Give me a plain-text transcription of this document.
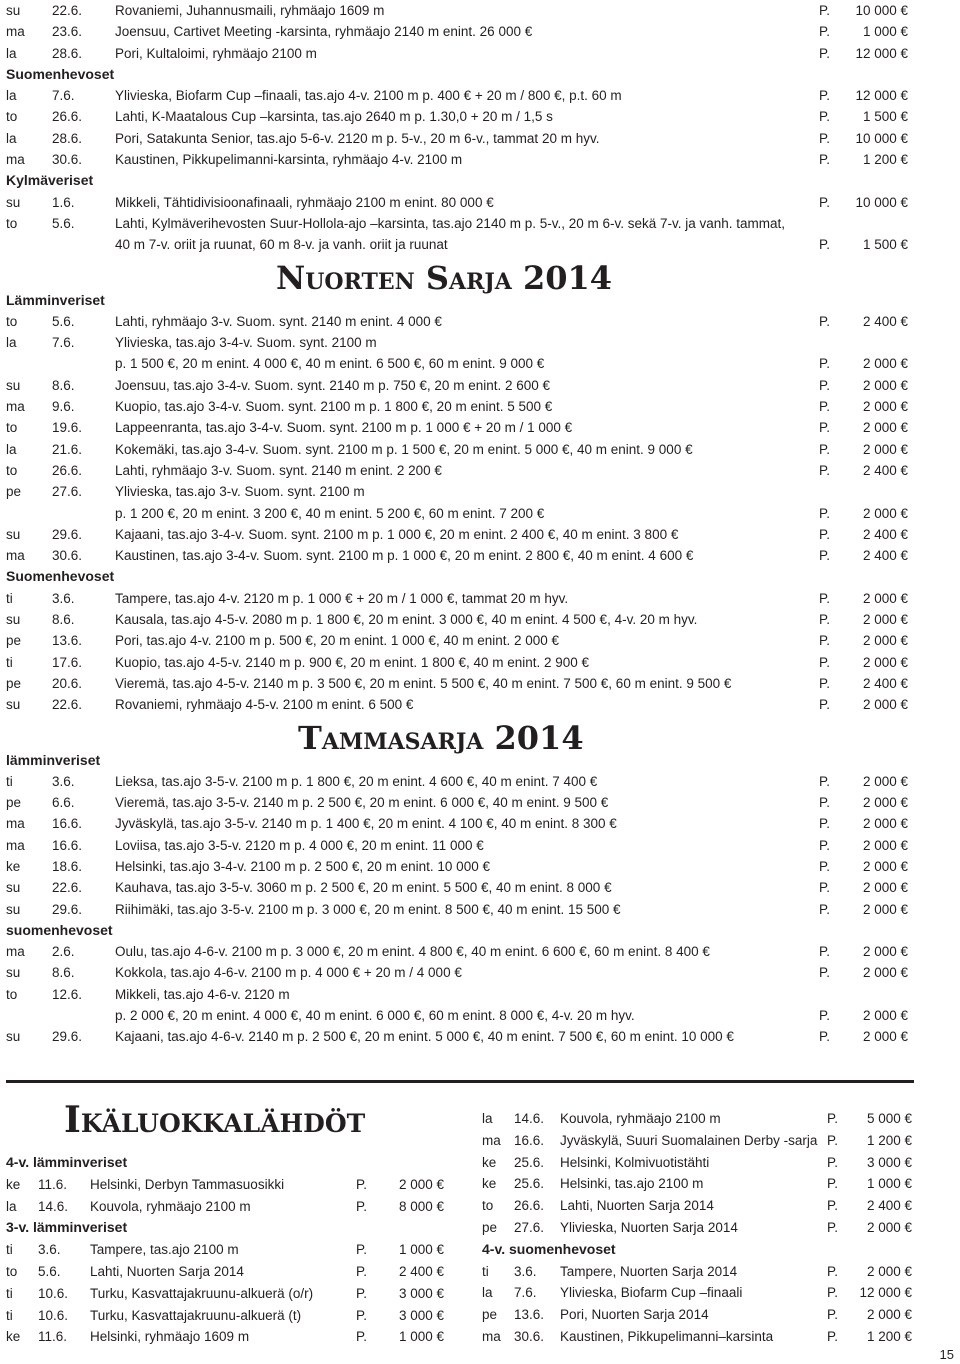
su 22.6. Rovaniemi, Juhannusmaili, ryhmäajo 1609 m	P. 10 000 €
ma 23.6. Joensuu, Cartivet Meeting -karsinta, ryhmäajo 2140 m enint. 26 000 €	P. 1 000 €
la	28.6. Pori, Kultaloimi, ryhmäajo 2100 m	P. 12 000 €
Suomenhevoset
la	7.6.	Ylivieska, Biofarm Cup –finaali, tas.ajo 4-v. 2100 m p. 400 € + 20 m / 800 €, p.t. 60 m	P. 12 000 €
to	26.6. Lahti, K-Maatalous Cup –karsinta, tas.ajo 2640 m p. 1.30,0 + 20 m / 1,5 s	P. 1 500 €
la	28.6. Pori, Satakunta Senior, tas.ajo 5-6-v. 2120 m p. 5-v., 20 m 6-v., tammat 20 m hyv.	P. 10 000 €
ma 30.6. Kaustinen, Pikkupelimanni-karsinta, ryhmäajo 4-v. 2100 m	P. 1 200 €
Kylmäveriset
su 1.6.	Mikkeli, Tähtidivisioonafinaali, ryhmäajo 2100 m enint. 80 000 €	P. 10 000 €
to	5.6.	Lahti, Kylmäverihevosten Suur-Hollola-ajo –karsinta, tas.ajo 2140 m p. 5-v., 20 m 6-v. sekä 7-v. ja vanh. tammat,
40 m 7-v. oriit ja ruunat, 60 m 8-v. ja vanh. oriit ja ruunat	P. 1 500 €
Nuorten Sarja 2014
Lämminveriset
to	5.6.	Lahti, ryhmäajo 3-v. Suom. synt. 2140 m enint. 4 000 €	P. 2 400 €
la	7.6.	Ylivieska, tas.ajo 3-4-v. Suom. synt. 2100 m
p. 1 500 €, 20 m enint. 4 000 €, 40 m enint. 6 500 €, 60 m enint. 9 000 €	P. 2 000 €
su 8.6.	Joensuu, tas.ajo 3-4-v. Suom. synt. 2140 m p. 750 €, 20 m enint. 2 600 €	P. 2 000 €
ma 9.6.	Kuopio, tas.ajo 3-4-v. Suom. synt. 2100 m p. 1 800 €, 20 m enint. 5 500 €	P. 2 000 €
to	19.6. Lappeenranta, tas.ajo 3-4-v. Suom. synt. 2100 m p. 1 000 € + 20 m / 1 000 €	P. 2 000 €
la	21.6. Kokemäki, tas.ajo 3-4-v. Suom. synt. 2100 m p. 1 500 €, 20 m enint. 5 000 €, 40 m enint. 9 000 €	P. 2 000 €
to	26.6. Lahti, ryhmäajo 3-v. Suom. synt. 2140 m enint. 2 200 €	P. 2 400 €
pe 27.6. Ylivieska, tas.ajo 3-v. Suom. synt. 2100 m
p. 1 200 €, 20 m enint. 3 200 €, 40 m enint. 5 200 €, 60 m enint. 7 200 €	P. 2 000 €
su 29.6. Kajaani, tas.ajo 3-4-v. Suom. synt. 2100 m p. 1 000 €, 20 m enint. 2 400 €, 40 m enint. 3 800 €	P. 2 400 €
ma 30.6. Kaustinen, tas.ajo 3-4-v. Suom. synt. 2100 m p. 1 000 €, 20 m enint. 2 800 €, 40 m enint. 4 600 €	P. 2 400 €
Suomenhevoset
ti	3.6.	Tampere, tas.ajo 4-v. 2120 m p. 1 000 € + 20 m / 1 000 €, tammat 20 m hyv.	P. 2 000 €
su 8.6.	Kausala, tas.ajo 4-5-v. 2080 m p. 1 800 €, 20 m enint. 3 000 €, 40 m enint. 4 500 €, 4-v. 20 m hyv.	P. 2 000 €
pe 13.6. Pori, tas.ajo 4-v. 2100 m p. 500 €, 20 m enint. 1 000 €, 40 m enint. 2 000 €	P. 2 000 €
ti	17.6. Kuopio, tas.ajo 4-5-v. 2140 m p. 900 €, 20 m enint. 1 800 €, 40 m enint. 2 900 €	P. 2 000 €
pe 20.6. Vieremä, tas.ajo 4-5-v. 2140 m p. 3 500 €, 20 m enint. 5 500 €, 40 m enint. 7 500 €, 60 m enint. 9 500 €	P. 2 400 €
su 22.6. Rovaniemi, ryhmäajo 4-5-v. 2100 m enint. 6 500 €	P. 2 000 €
Tammasarja 2014
lämminveriset
ti	3.6.	Lieksa, tas.ajo 3-5-v. 2100 m p. 1 800 €, 20 m enint. 4 600 €, 40 m enint. 7 400 €	P. 2 000 €
pe 6.6.	Vieremä, tas.ajo 3-5-v. 2140 m p. 2 500 €, 20 m enint. 6 000 €, 40 m enint. 9 500 €	P. 2 000 €
ma 16.6. Jyväskylä, tas.ajo 3-5-v. 2140 m p. 1 400 €, 20 m enint. 4 100 €, 40 m enint. 8 300 €	P. 2 000 €
ma 16.6. Loviisa, tas.ajo 3-5-v. 2120 m p. 4 000 €, 20 m enint. 11 000 €	P. 2 000 €
ke 18.6. Helsinki, tas.ajo 3-4-v. 2100 m p. 2 500 €, 20 m enint. 10 000 €	P. 2 000 €
su 22.6. Kauhava, tas.ajo 3-5-v. 3060 m p. 2 500 €, 20 m enint. 5 500 €, 40 m enint. 8 000 €	P. 2 000 €
su 29.6. Riihimäki, tas.ajo 3-5-v. 2100 m p. 3 000 €, 20 m enint. 8 500 €, 40 m enint. 15 500 €	P. 2 000 €
suomenhevoset
ma 2.6.	Oulu, tas.ajo 4-6-v. 2100 m p. 3 000 €, 20 m enint. 4 800 €, 40 m enint. 6 600 €, 60 m enint. 8 400 €	P. 2 000 €
su 8.6.	Kokkola, tas.ajo 4-6-v. 2100 m p. 4 000 € + 20 m / 4 000 €	P. 2 000 €
to	12.6. Mikkeli, tas.ajo 4-6-v. 2120 m
p. 2 000 €, 20 m enint. 4 000 €, 40 m enint. 6 000 €, 60 m enint. 8 000 €, 4-v. 20 m hyv.	P. 2 000 €
su 29.6. Kajaani, tas.ajo 4-6-v. 2140 m p. 2 500 €, 20 m enint. 5 000 €, 40 m enint. 7 500 €, 60 m enint. 10 000 €	P. 2 000 €
Ikäluokkalähdöt
4-v. lämminveriset
ke 11.6. Helsinki, Derbyn Tammasuosikki	P. 2 000 €
la 14.6. Kouvola, ryhmäajo 2100 m	P. 8 000 €
3-v. lämminveriset
ti 3.6. Tampere, tas.ajo 2100 m	P. 1 000 €
to 5.6. Lahti, Nuorten Sarja 2014	P. 2 400 €
ti 10.6. Turku, Kasvattajakruunu-alkuerä (o/r)	P. 3 000 €
ti 10.6. Turku, Kasvattajakruunu-alkuerä (t)	P. 3 000 €
ke 11.6. Helsinki, ryhmäajo 1609 m	P. 1 000 €
la 14.6. Kouvola, ryhmäajo 2100 m	P. 5 000 €
ma 16.6. Jyväskylä, Suuri Suomalainen Derby -sarja P. 1 200 €
ke 25.6. Helsinki, Kolmivuotistähti	P. 3 000 €
ke 25.6. Helsinki, tas.ajo 2100 m	P. 1 000 €
to 26.6. Lahti, Nuorten Sarja 2014	P. 2 400 €
pe 27.6. Ylivieska, Nuorten Sarja 2014	P. 2 000 €
4-v. suomenhevoset
ti 3.6. Tampere, Nuorten Sarja 2014	P. 2 000 €
la 7.6. Ylivieska, Biofarm Cup –finaali	P. 12 000 €
pe 13.6. Pori, Nuorten Sarja 2014	P. 2 000 €
ma 30.6. Kaustinen, Pikkupelimanni–karsinta	P. 1 200 €
15
